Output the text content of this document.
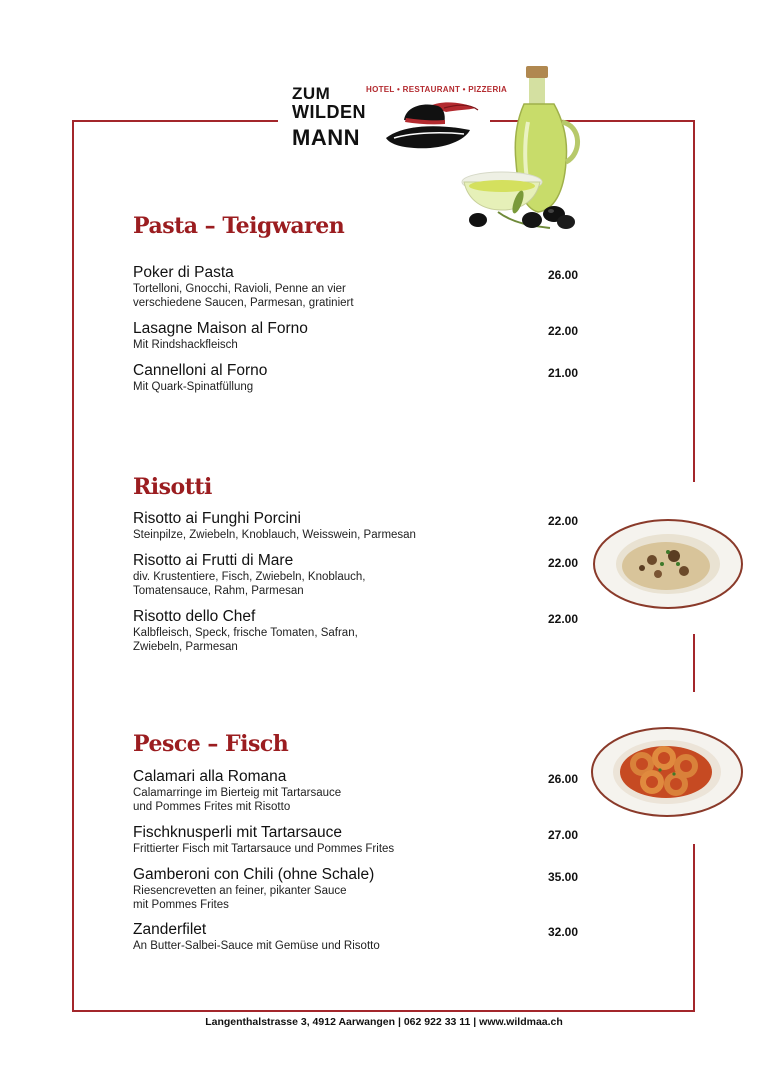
ZUM
WILDEN
MANN
HOTEL • RESTAURANT • PIZZERIA
Pasta – Teigwaren
Poker di Pasta
Tortelloni, Gnocchi, Ravioli, Penne an vier
verschiedene Saucen, Parmesan, gratiniert
26.00
Lasagne Maison al Forno
Mit Rindshackfleisch
22.00
Cannelloni al Forno
Mit Quark-Spinatfüllung
21.00
Risotti
Risotto ai Funghi Porcini
Steinpilze, Zwiebeln, Knoblauch, Weisswein, Parmesan
22.00
Risotto ai Frutti di Mare
div. Krustentiere, Fisch, Zwiebeln, Knoblauch,
Tomatensauce, Rahm, Parmesan
22.00
Risotto dello Chef
Kalbfleisch, Speck, frische Tomaten, Safran,
Zwiebeln, Parmesan
22.00
Pesce – Fisch
Calamari alla Romana
Calamarringe im Bierteig mit Tartarsauce
und Pommes Frites mit Risotto
26.00
Fischknusperli mit Tartarsauce
Frittierter Fisch mit Tartarsauce und Pommes Frites
27.00
Gamberoni con Chili (ohne Schale)
Riesencrevetten an feiner, pikanter Sauce
mit Pommes Frites
35.00
Zanderfilet
An Butter-Salbei-Sauce mit Gemüse und Risotto
32.00
Langenthalstrasse 3, 4912 Aarwangen | 062 922 33 11 | www.wildmaa.ch
